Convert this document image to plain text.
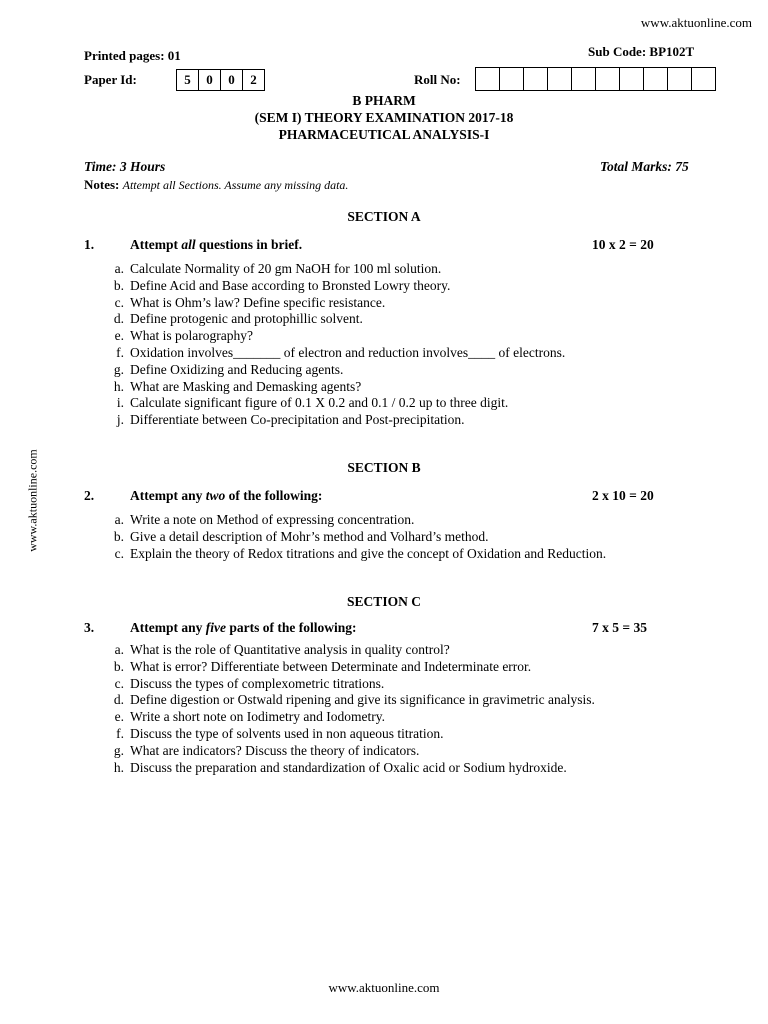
www.aktuonline.com
www.aktuonline.com
www.aktuonline.com
Printed pages: 01	Sub Code: BP102T
Paper Id:	5	0	0	2	Roll No:
B PHARM
(SEM I) THEORY EXAMINATION 2017-18
PHARMACEUTICAL ANALYSIS-I
Time: 3 Hours	Total Marks: 75
Notes: Attempt all Sections. Assume any missing data.
SECTION A
1.	Attempt all questions in brief.	10 x 2 = 20
a. Calculate Normality of 20 gm NaOH for 100 ml solution.
b. Define Acid and Base according to Bronsted Lowry theory.
c. What is Ohm’s law? Define specific resistance.
d. Define protogenic and protophillic solvent.
e. What is polarography?
f. Oxidation involves_______ of electron and reduction involves____ of electrons.
g. Define Oxidizing and Reducing agents.
h. What are Masking and Demasking agents?
i. Calculate significant figure of 0.1 X 0.2 and 0.1 / 0.2 up to three digit.
j. Differentiate between Co-precipitation and Post-precipitation.
SECTION B
2.	Attempt any two of the following:	2 x 10 = 20
a. Write a note on Method of expressing concentration.
b. Give a detail description of Mohr’s method and Volhard’s method.
c. Explain the theory of Redox titrations and give the concept of Oxidation and Reduction.
SECTION C
3.	Attempt any five parts of the following:	7 x 5 = 35
a. What is the role of Quantitative analysis in quality control?
b. What is error? Differentiate between Determinate and Indeterminate error.
c. Discuss the types of complexometric titrations.
d. Define digestion or Ostwald ripening and give its significance in gravimetric analysis.
e. Write a short note on Iodimetry and Iodometry.
f. Discuss the type of solvents used in non aqueous titration.
g. What are indicators? Discuss the theory of indicators.
h. Discuss the preparation and standardization of Oxalic acid or Sodium hydroxide.
